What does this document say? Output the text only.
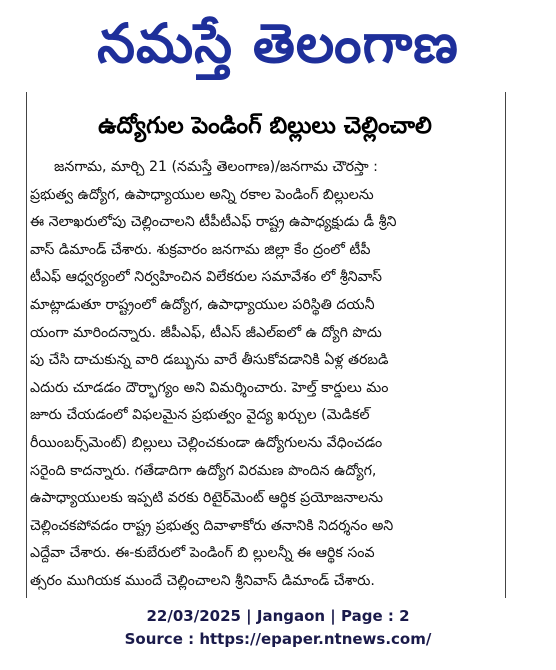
నమస్తే తెలంగాణ

ఉద్యోగుల పెండింగ్ బిల్లులు చెల్లించాలి
జనగామ, మార్చి 21 (నమస్తే తెలంగాణ)/జనగామ చౌరస్తా :
ప్రభుత్వ ఉద్యోగ, ఉపాధ్యాయుల అన్ని రకాల పెండింగ్ బిల్లులను
ఈ నెలాఖరులోపు చెల్లించాలని టీపీటీఎఫ్ రాష్ట్ర ఉపాధ్యక్షుడు డీ శ్రీని
వాస్ డిమాండ్ చేశారు. శుక్రవారం జనగామ జిల్లా కేం ద్రంలో టీపీ
టీఎఫ్ ఆధ్వర్యంలో నిర్వహించిన విలేకరుల సమావేశం లో శ్రీనివాస్
మాట్లాడుతూ రాష్ట్రంలో ఉద్యోగ, ఉపాధ్యాయుల పరిస్థితి దయనీ
యంగా మారిందన్నారు. జీపీఎఫ్, టీఎస్ జీఎల్ఐలో ఉ ద్యోగి పొదు
పు చేసి దాచుకున్న వారి డబ్బును వారే తీసుకోవడానికి ఏళ్ల తరబడి
ఎదురు చూడడం దౌర్భాగ్యం అని విమర్శించారు. హెల్త్ కార్డులు మం
జూరు చేయడంలో విఫలమైన ప్రభుత్వం వైద్య ఖర్చుల (మెడికల్
రీయింబర్స్‌మెంట్) బిల్లులు చెల్లించకుండా ఉద్యోగులను వేధించడం
సరైంది కాదన్నారు. గతేడాదిగా ఉద్యోగ విరమణ పొందిన ఉద్యోగ,
ఉపాధ్యాయులకు ఇప్పటి వరకు రిటైర్‌మెంట్ ఆర్థిక ప్రయోజనాలను
చెల్లించకపోవడం రాష్ట్ర ప్రభుత్వ దివాళాకోరు తనానికి నిదర్శనం అని
ఎద్దేవా చేశారు. ఈ-కుబేరులో పెండింగ్ బి ల్లులన్నీ ఈ ఆర్థిక సంవ
త్సరం ముగియక ముందే చెల్లించాలని శ్రీనివాస్ డిమాండ్ చేశారు.
22/03/2025 | Jangaon | Page : 2
Source : https://epaper.ntnews.com/
